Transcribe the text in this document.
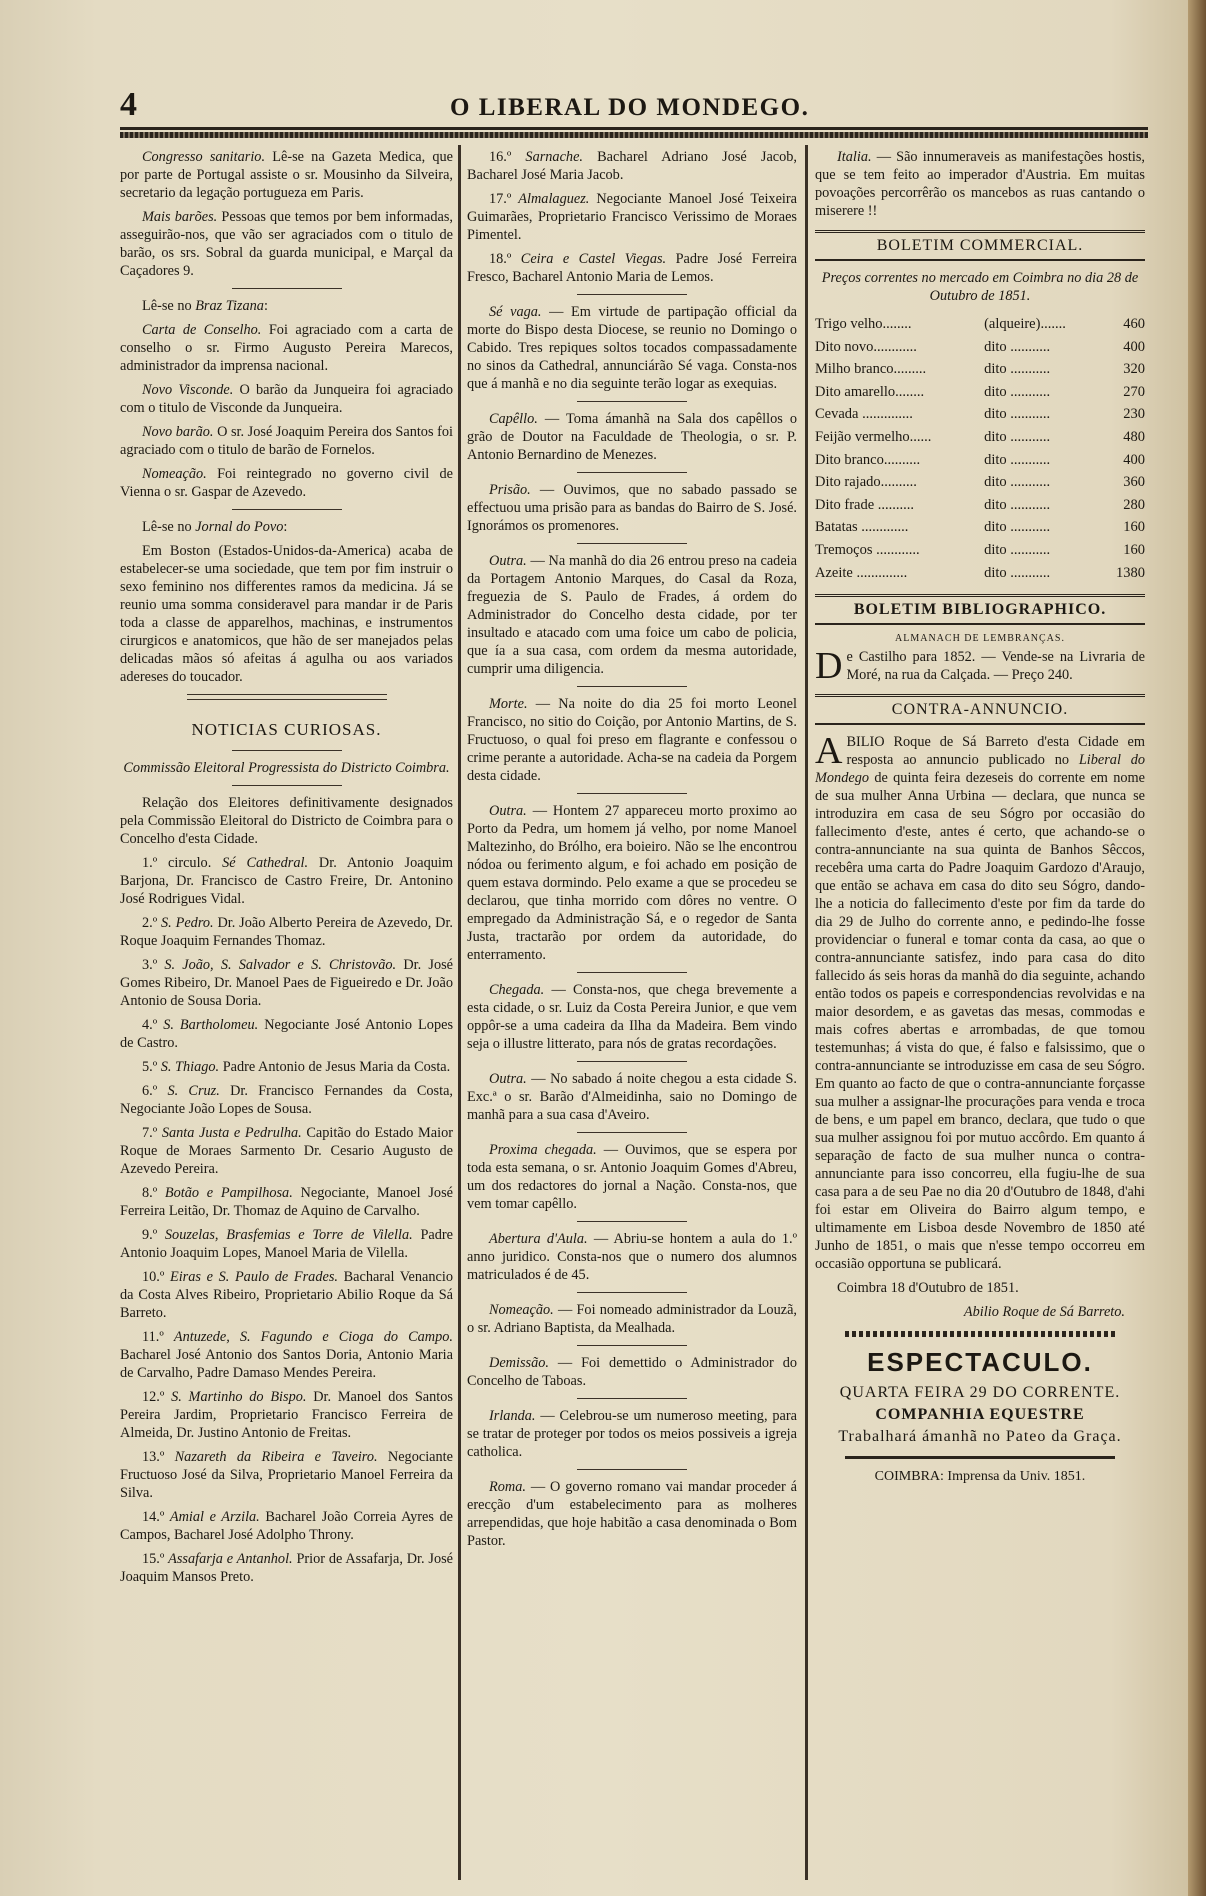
4	O LIBERAL DO MONDEGO.

Congresso sanitario. Lê-se na Gazeta Medica, que por parte de Portugal assiste o sr. Mousinho da Silveira, secretario da legação portugueza em Paris.

Mais barões. Pessoas que temos por bem informadas, asseguirão-nos, que vão ser agraciados com o titulo de barão, os srs. Sobral da guarda municipal, e Marçal da Caçadores 9.

Lê-se no Braz Tizana:

Carta de Conselho. Foi agraciado com a carta de conselho o sr. Firmo Augusto Pereira Marecos, administrador da imprensa nacional.

Novo Visconde. O barão da Junqueira foi agraciado com o titulo de Visconde da Junqueira.

Novo barão. O sr. José Joaquim Pereira dos Santos foi agraciado com o titulo de barão de Fornelos.

Nomeação. Foi reintegrado no governo civil de Vienna o sr. Gaspar de Azevedo.

Lê-se no Jornal do Povo:

Em Boston (Estados-Unidos-da-America) acaba de estabelecer-se uma sociedade, que tem por fim instruir o sexo feminino nos differentes ramos da medicina. Já se reunio uma somma consideravel para mandar ir de Paris toda a classe de apparelhos, machinas, e instrumentos cirurgicos e anatomicos, que hão de ser manejados pelas delicadas mãos só afeitas á agulha ou aos variados adereses do toucador.

NOTICIAS CURIOSAS.
Commissão Eleitoral Progressista do Districto Coimbra.

Relação dos Eleitores definitivamente designados pela Commissão Eleitoral do Districto de Coimbra para o Concelho d'esta Cidade.

1.º circulo. Sé Cathedral. Dr. Antonio Joaquim Barjona, Dr. Francisco de Castro Freire, Dr. Antonino José Rodrigues Vidal.

2.º S. Pedro. Dr. João Alberto Pereira de Azevedo, Dr. Roque Joaquim Fernandes Thomaz.

3.º S. João, S. Salvador e S. Christovão. Dr. José Gomes Ribeiro, Dr. Manoel Paes de Figueiredo e Dr. João Antonio de Sousa Doria.

4.º S. Bartholomeu. Negociante José Antonio Lopes de Castro.

5.º S. Thiago. Padre Antonio de Jesus Maria da Costa.

6.º S. Cruz. Dr. Francisco Fernandes da Costa, Negociante João Lopes de Sousa.

7.º Santa Justa e Pedrulha. Capitão do Estado Maior Roque de Moraes Sarmento Dr. Cesario Augusto de Azevedo Pereira.

8.º Botão e Pampilhosa. Negociante, Manoel José Ferreira Leitão, Dr. Thomaz de Aquino de Carvalho.

9.º Souzelas, Brasfemias e Torre de Vilella. Padre Antonio Joaquim Lopes, Manoel Maria de Vilella.

10.º Eiras e S. Paulo de Frades. Bacharal Venancio da Costa Alves Ribeiro, Proprietario Abilio Roque da Sá Barreto.

11.º Antuzede, S. Fagundo e Cioga do Campo. Bacharel José Antonio dos Santos Doria, Antonio Maria de Carvalho, Padre Damaso Mendes Pereira.

12.º S. Martinho do Bispo. Dr. Manoel dos Santos Pereira Jardim, Proprietario Francisco Ferreira de Almeida, Dr. Justino Antonio de Freitas.

13.º Nazareth da Ribeira e Taveiro. Negociante Fructuoso José da Silva, Proprietario Manoel Ferreira da Silva.

14.º Amial e Arzila. Bacharel João Correia Ayres de Campos, Bacharel José Adolpho Throny.

15.º Assafarja e Antanhol. Prior de Assafarja, Dr. José Joaquim Mansos Preto.

16.º Sarnache. Bacharel Adriano José Jacob, Bacharel José Maria Jacob.

17.º Almalaguez. Negociante Manoel José Teixeira Guimarães, Proprietario Francisco Verissimo de Moraes Pimentel.

18.º Ceira e Castel Viegas. Padre José Ferreira Fresco, Bacharel Antonio Maria de Lemos.

Sé vaga. — Em virtude de partipação official da morte do Bispo desta Diocese, se reunio no Domingo o Cabido. Tres repiques soltos tocados compassadamente no sinos da Cathedral, annunciárão Sé vaga. Consta-nos que á manhã e no dia seguinte terão logar as exequias.

Capêllo. — Toma ámanhã na Sala dos capêllos o grão de Doutor na Faculdade de Theologia, o sr. P. Antonio Bernardino de Menezes.

Prisão. — Ouvimos, que no sabado passado se effectuou uma prisão para as bandas do Bairro de S. José. Ignorámos os promenores.

Outra. — Na manhã do dia 26 entrou preso na cadeia da Portagem Antonio Marques, do Casal da Roza, freguezia de S. Paulo de Frades, á ordem do Administrador do Concelho desta cidade, por ter insultado e atacado com uma foice um cabo de policia, que ía a sua casa, com ordem da mesma autoridade, cumprir uma diligencia.

Morte. — Na noite do dia 25 foi morto Leonel Francisco, no sitio do Coição, por Antonio Martins, de S. Fructuoso, o qual foi preso em flagrante e confessou o crime perante a autoridade. Acha-se na cadeia da Porgem desta cidade.

Outra. — Hontem 27 appareceu morto proximo ao Porto da Pedra, um homem já velho, por nome Manoel Maltezinho, do Brólho, era boieiro. Não se lhe encontrou nódoa ou ferimento algum, e foi achado em posição de quem estava dormindo. Pelo exame a que se procedeu se declarou, que tinha morrido com dôres no ventre. O empregado da Administração Sá, e o regedor de Santa Justa, tractarão por ordem da autoridade, do enterramento.

Chegada. — Consta-nos, que chega brevemente a esta cidade, o sr. Luiz da Costa Pereira Junior, e que vem oppôr-se a uma cadeira da Ilha da Madeira. Bem vindo seja o illustre litterato, para nós de gratas recordações.

Outra. — No sabado á noite chegou a esta cidade S. Exc.ª o sr. Barão d'Almeidinha, saio no Domingo de manhã para a sua casa d'Aveiro.

Proxima chegada. — Ouvimos, que se espera por toda esta semana, o sr. Antonio Joaquim Gomes d'Abreu, um dos redactores do jornal a Nação. Consta-nos, que vem tomar capêllo.

Abertura d'Aula. — Abriu-se hontem a aula do 1.º anno juridico. Consta-nos que o numero dos alumnos matriculados é de 45.

Nomeação. — Foi nomeado administrador da Louzã, o sr. Adriano Baptista, da Mealhada.

Demissão. — Foi demettido o Administrador do Concelho de Taboas.

Irlanda. — Celebrou-se um numeroso meeting, para se tratar de proteger por todos os meios possiveis a igreja catholica.

Roma. — O governo romano vai mandar proceder á erecção d'um estabelecimento para as molheres arrependidas, que hoje habitão a casa denominada o Bom Pastor.

Italia. — São innumeraveis as manifestações hostis, que se tem feito ao imperador d'Austria. Em muitas povoações percorrêrão os mancebos as ruas cantando o miserere !!

BOLETIM COMMERCIAL.
Preços correntes no mercado em Coimbra no dia 28 de Outubro de 1851.
Trigo velho........	(alqueire).......	460
Dito novo............	dito ...........	400
Milho branco.........	dito ...........	320
Dito amarello........	dito ...........	270
Cevada ..............	dito ...........	230
Feijão vermelho......	dito ...........	480
Dito branco..........	dito ...........	400
Dito rajado..........	dito ...........	360
Dito frade ..........	dito ...........	280
Batatas .............	dito ...........	160
Tremoços ............	dito ...........	160
Azeite ..............	dito ...........	1380
BOLETIM BIBLIOGRAPHICO.
ALMANACH DE LEMBRANÇAS.

De Castilho para 1852. — Vende-se na Livraria de Moré, na rua da Calçada. — Preço 240.

CONTRA-ANNUNCIO.

ABILIO Roque de Sá Barreto d'esta Cidade em resposta ao annuncio publicado no Liberal do Mondego de quinta feira dezeseis do corrente em nome de sua mulher Anna Urbina — declara, que nunca se introduzira em casa de seu Sógro por occasião do fallecimento d'este, antes é certo, que achando-se o contra-annunciante na sua quinta de Banhos Sêccos, recebêra uma carta do Padre Joaquim Gardozo d'Araujo, que então se achava em casa do dito seu Sógro, dando-lhe a noticia do fallecimento d'este por fim da tarde do dia 29 de Julho do corrente anno, e pedindo-lhe fosse providenciar o funeral e tomar conta da casa, ao que o contra-annunciante satisfez, indo para casa do dito fallecido ás seis horas da manhã do dia seguinte, achando então todos os papeis e correspondencias revolvidas e na maior desordem, e as gavetas das mesas, commodas e mais cofres abertas e arrombadas, de que tomou testemunhas; á vista do que, é falso e falsissimo, que o contra-annunciante se introduzisse em casa de seu Sógro. Em quanto ao facto de que o contra-annunciante forçasse sua mulher a assignar-lhe procurações para venda e troca de bens, e um papel em branco, declara, que tudo o que sua mulher assignou foi por mutuo accôrdo. Em quanto á separação de facto de sua mulher nunca o contra-annunciante para isso concorreu, ella fugiu-lhe de sua casa para a de seu Pae no dia 20 d'Outubro de 1848, d'ahi foi estar em Oliveira do Bairro algum tempo, e ultimamente em Lisboa desde Novembro de 1850 até Junho de 1851, o mais que n'esse tempo occorreu em occasião opportuna se publicará.

Coimbra 18 d'Outubro de 1851.

Abilio Roque de Sá Barreto.

ESPECTACULO.
QUARTA FEIRA 29 DO CORRENTE.
COMPANHIA EQUESTRE
Trabalhará ámanhã no Pateo da Graça.
COIMBRA: Imprensa da Univ. 1851.
